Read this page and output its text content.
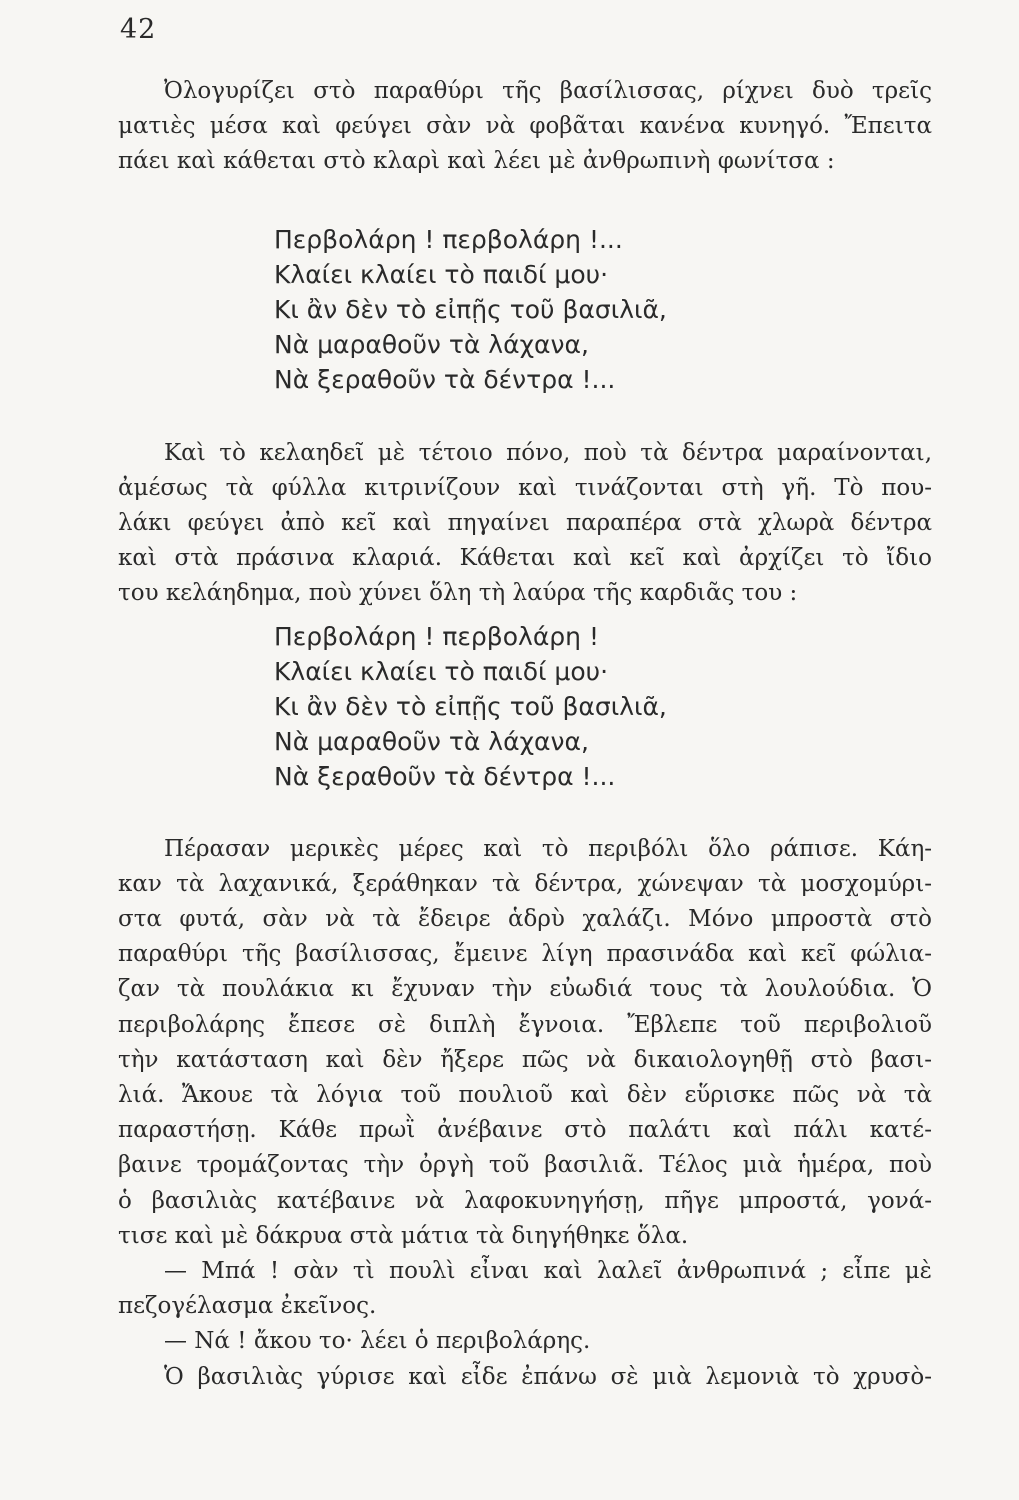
42

Ὀλογυρίζει στὸ παραθύρι τῆς βασίλισσας, ρίχνει δυὸ τρεῖς
ματιὲς μέσα καὶ φεύγει σὰν νὰ φοβᾶται κανένα κυνηγό. Ἔπειτα
πάει καὶ κάθεται στὸ κλαρὶ καὶ λέει μὲ ἀνθρωπινὴ φωνίτσα :

Περβολάρη ! περβολάρη !...
Κλαίει κλαίει τὸ παιδί μου·
Κι ἂν δὲν τὸ εἰπῇς τοῦ βασιλιᾶ,
Νὰ μαραθοῦν τὰ λάχανα,
Νὰ ξεραθοῦν τὰ δέντρα !...

Καὶ τὸ κελαηδεῖ μὲ τέτοιο πόνο, ποὺ τὰ δέντρα μαραίνονται,
ἀμέσως τὰ φύλλα κιτρινίζουν καὶ τινάζονται στὴ γῆ. Τὸ που-
λάκι φεύγει ἀπὸ κεῖ καὶ πηγαίνει παραπέρα στὰ χλωρὰ δέντρα
καὶ στὰ πράσινα κλαριά. Κάθεται καὶ κεῖ καὶ ἀρχίζει τὸ ἴδιο
του κελάηδημα, ποὺ χύνει ὅλη τὴ λαύρα τῆς καρδιᾶς του :

Περβολάρη ! περβολάρη !
Κλαίει κλαίει τὸ παιδί μου·
Κι ἂν δὲν τὸ εἰπῇς τοῦ βασιλιᾶ,
Νὰ μαραθοῦν τὰ λάχανα,
Νὰ ξεραθοῦν τὰ δέντρα !...

Πέρασαν μερικὲς μέρες καὶ τὸ περιβόλι ὅλο ράπισε. Κάη-
καν τὰ λαχανικά, ξεράθηκαν τὰ δέντρα, χώνεψαν τὰ μοσχομύρι-
στα φυτά, σὰν νὰ τὰ ἔδειρε ἁδρὺ χαλάζι. Μόνο μπροστὰ στὸ
παραθύρι τῆς βασίλισσας, ἔμεινε λίγη πρασινάδα καὶ κεῖ φώλια-
ζαν τὰ πουλάκια κι ἔχυναν τὴν εὐωδιά τους τὰ λουλούδια. Ὁ
περιβολάρης ἔπεσε σὲ διπλὴ ἔγνοια. Ἔβλεπε τοῦ περιβολιοῦ
τὴν κατάσταση καὶ δὲν ἤξερε πῶς νὰ δικαιολογηθῇ στὸ βασι-
λιά. Ἄκουε τὰ λόγια τοῦ πουλιοῦ καὶ δὲν εὕρισκε πῶς νὰ τὰ
παραστήσῃ. Κάθε πρωῒ ἀνέβαινε στὸ παλάτι καὶ πάλι κατέ-
βαινε τρομάζοντας τὴν ὀργὴ τοῦ βασιλιᾶ. Τέλος μιὰ ἡμέρα, ποὺ
ὁ βασιλιὰς κατέβαινε νὰ λαφοκυνηγήσῃ, πῆγε μπροστά, γονά-
τισε καὶ μὲ δάκρυα στὰ μάτια τὰ διηγήθηκε ὅλα.

— Μπά ! σὰν τὶ πουλὶ εἶναι καὶ λαλεῖ ἀνθρωπινά ; εἶπε μὲ
πεζογέλασμα ἐκεῖνος.
— Νά ! ἄκου το· λέει ὁ περιβολάρης.
Ὁ βασιλιὰς γύρισε καὶ εἶδε ἐπάνω σὲ μιὰ λεμονιὰ τὸ χρυσὸ-
